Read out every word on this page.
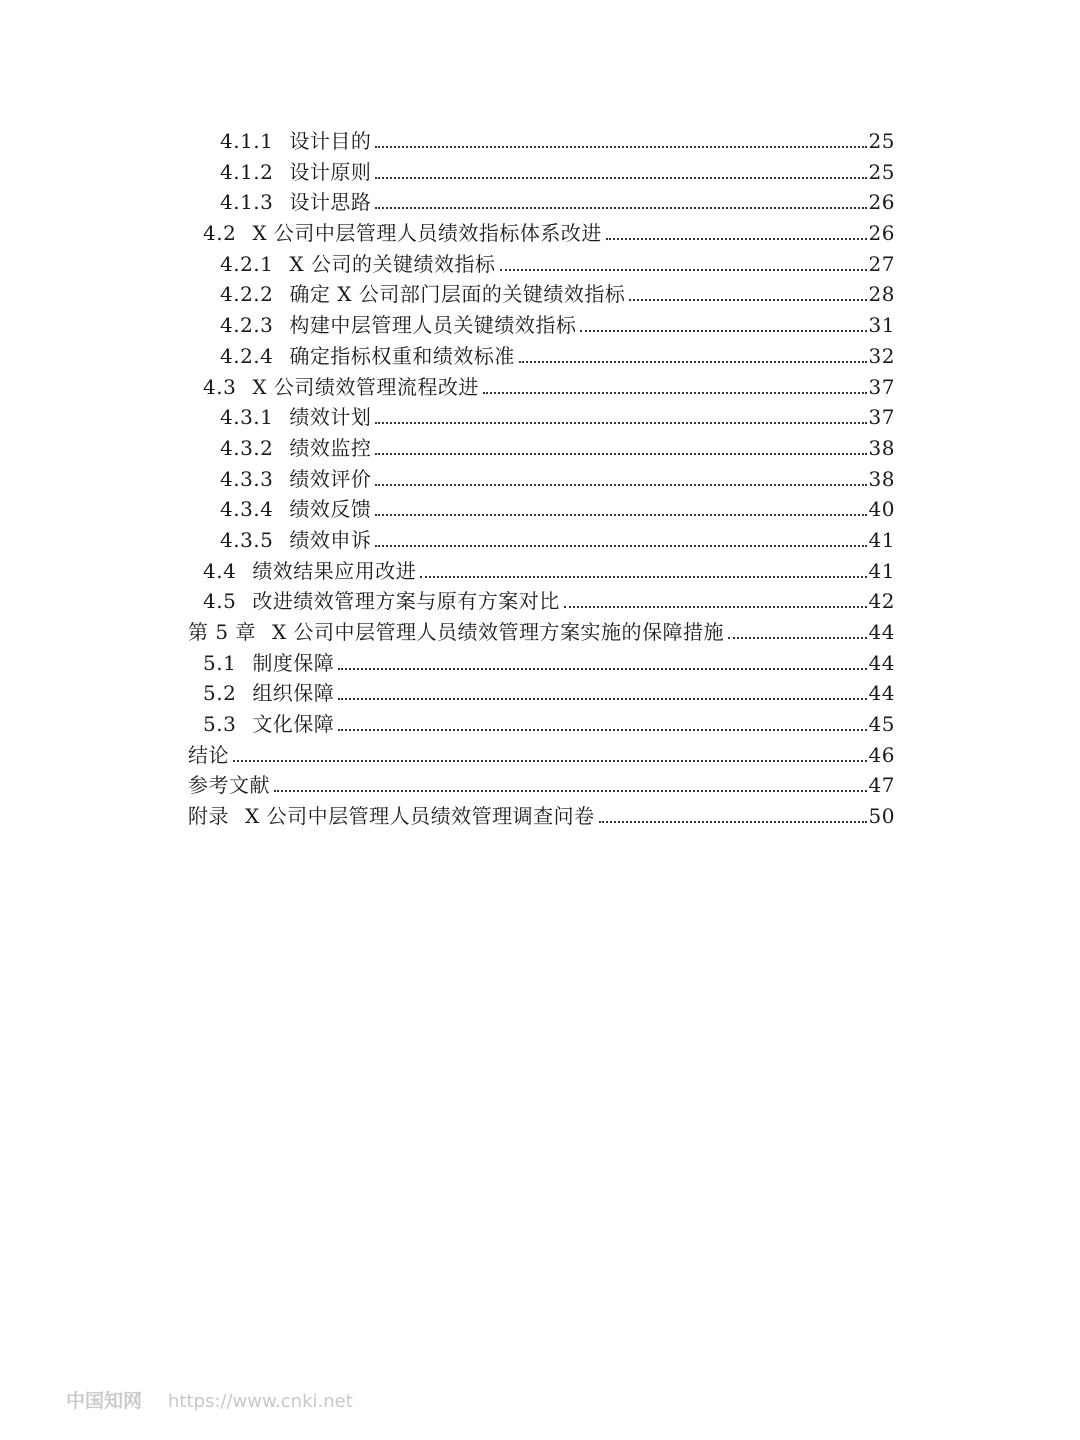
4.1.1 设计目的	25
4.1.2 设计原则	25
4.1.3 设计思路	26
4.2 X 公司中层管理人员绩效指标体系改进	26
4.2.1 X 公司的关键绩效指标	27
4.2.2 确定 X 公司部门层面的关键绩效指标	28
4.2.3 构建中层管理人员关键绩效指标	31
4.2.4 确定指标权重和绩效标准	32
4.3 X 公司绩效管理流程改进	37
4.3.1 绩效计划	37
4.3.2 绩效监控	38
4.3.3 绩效评价	38
4.3.4 绩效反馈	40
4.3.5 绩效申诉	41
4.4 绩效结果应用改进	41
4.5 改进绩效管理方案与原有方案对比	42
第 5 章 X 公司中层管理人员绩效管理方案实施的保障措施	44
5.1 制度保障	44
5.2 组织保障	44
5.3 文化保障	45
结论	46
参考文献	47
附录 X 公司中层管理人员绩效管理调查问卷	50
中国知网 https://www.cnki.net
